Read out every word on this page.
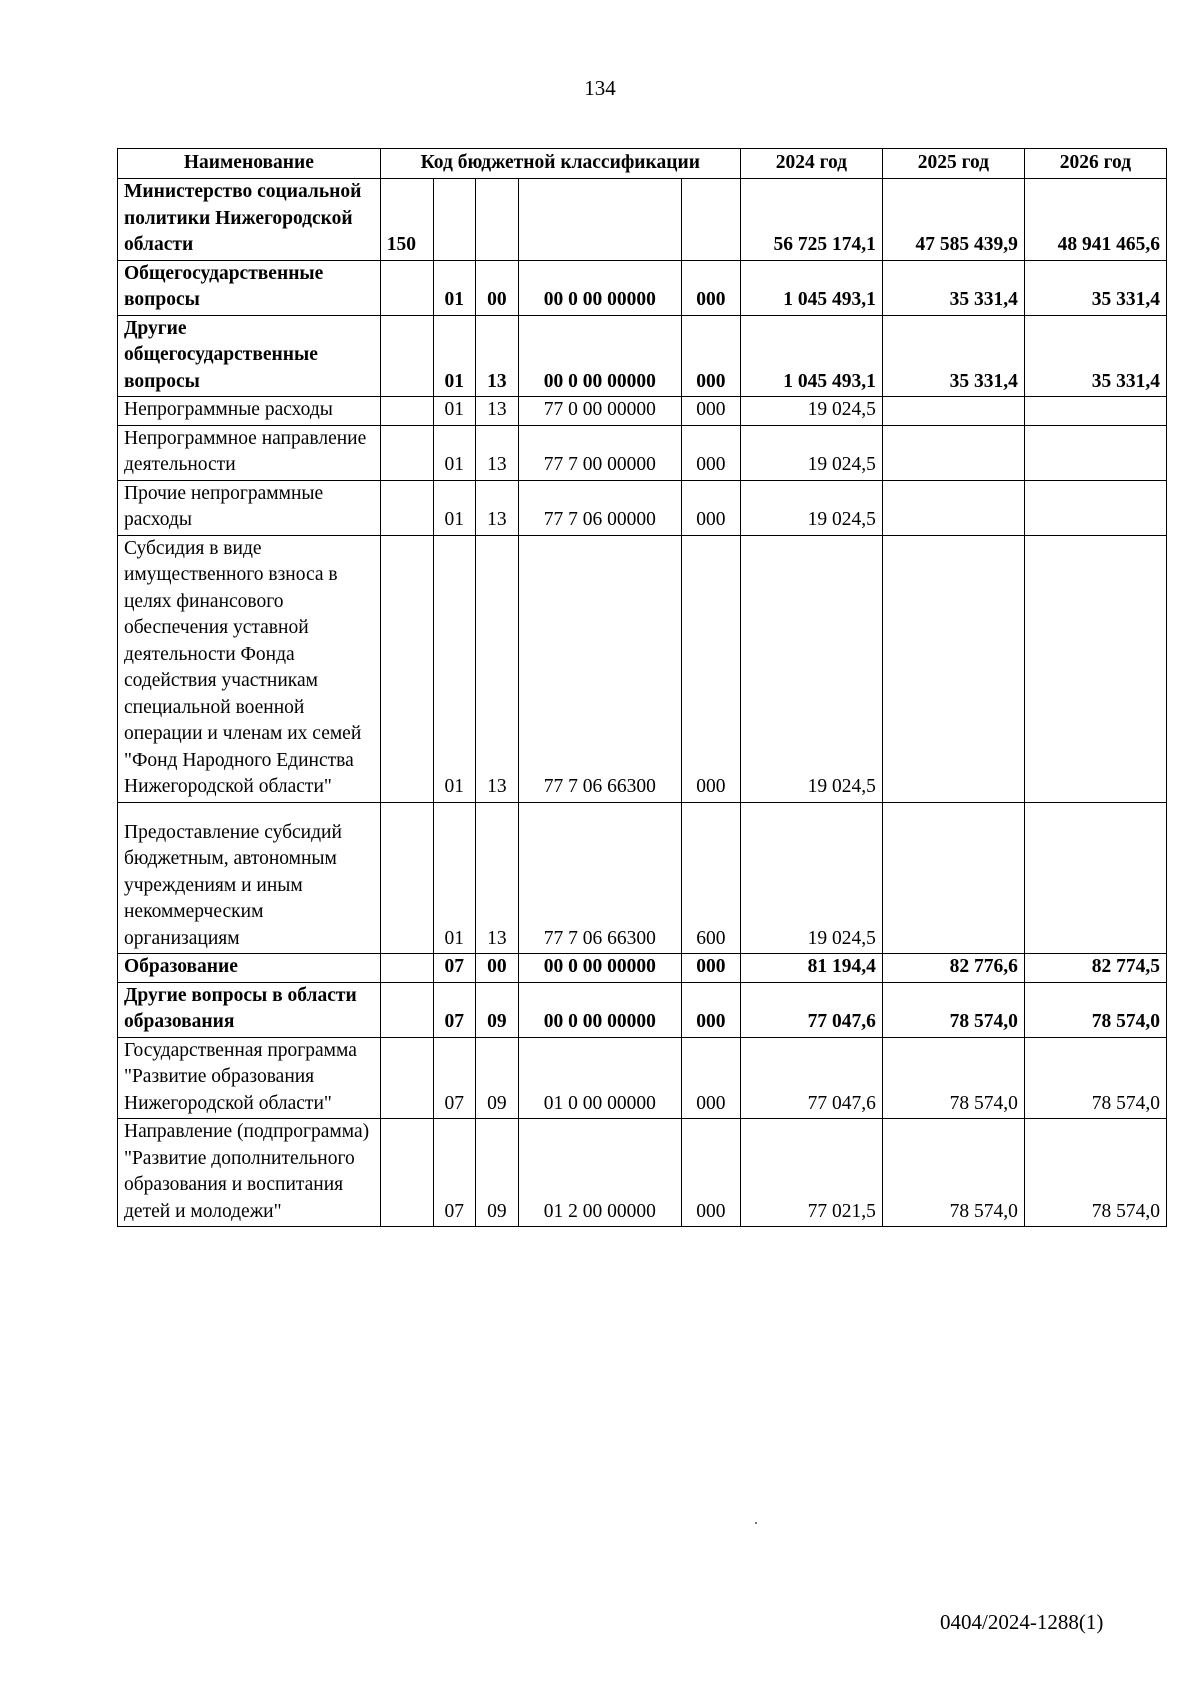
134
Наименование	Код бюджетной классификации					2024 год	2025 год	2026 год
Министерство социальной политики Нижегородской области	150					56 725 174,1	47 585 439,9	48 941 465,6
Общегосударственные вопросы		01	00	00 0 00 00000	000	1 045 493,1	35 331,4	35 331,4
Другие общегосударственные вопросы		01	13	00 0 00 00000	000	1 045 493,1	35 331,4	35 331,4
Непрограммные расходы		01	13	77 0 00 00000	000	19 024,5		
Непрограммное направление деятельности		01	13	77 7 00 00000	000	19 024,5		
Прочие непрограммные расходы		01	13	77 7 06 00000	000	19 024,5		
Субсидия в виде имущественного взноса в целях финансового обеспечения уставной деятельности Фонда содействия участникам специальной военной операции и членам их семей "Фонд Народного Единства Нижегородской области"		01	13	77 7 06 66300	000	19 024,5		
Предоставление субсидий бюджетным, автономным учреждениям и иным некоммерческим организациям		01	13	77 7 06 66300	600	19 024,5		
Образование		07	00	00 0 00 00000	000	81 194,4	82 776,6	82 774,5
Другие вопросы в области образования		07	09	00 0 00 00000	000	77 047,6	78 574,0	78 574,0
Государственная программа "Развитие образования Нижегородской области"		07	09	01 0 00 00000	000	77 047,6	78 574,0	78 574,0
Направление (подпрограмма) "Развитие дополнительного образования и воспитания детей и молодежи"		07	09	01 2 00 00000	000	77 021,5	78 574,0	78 574,0
0404/2024-1288(1)
